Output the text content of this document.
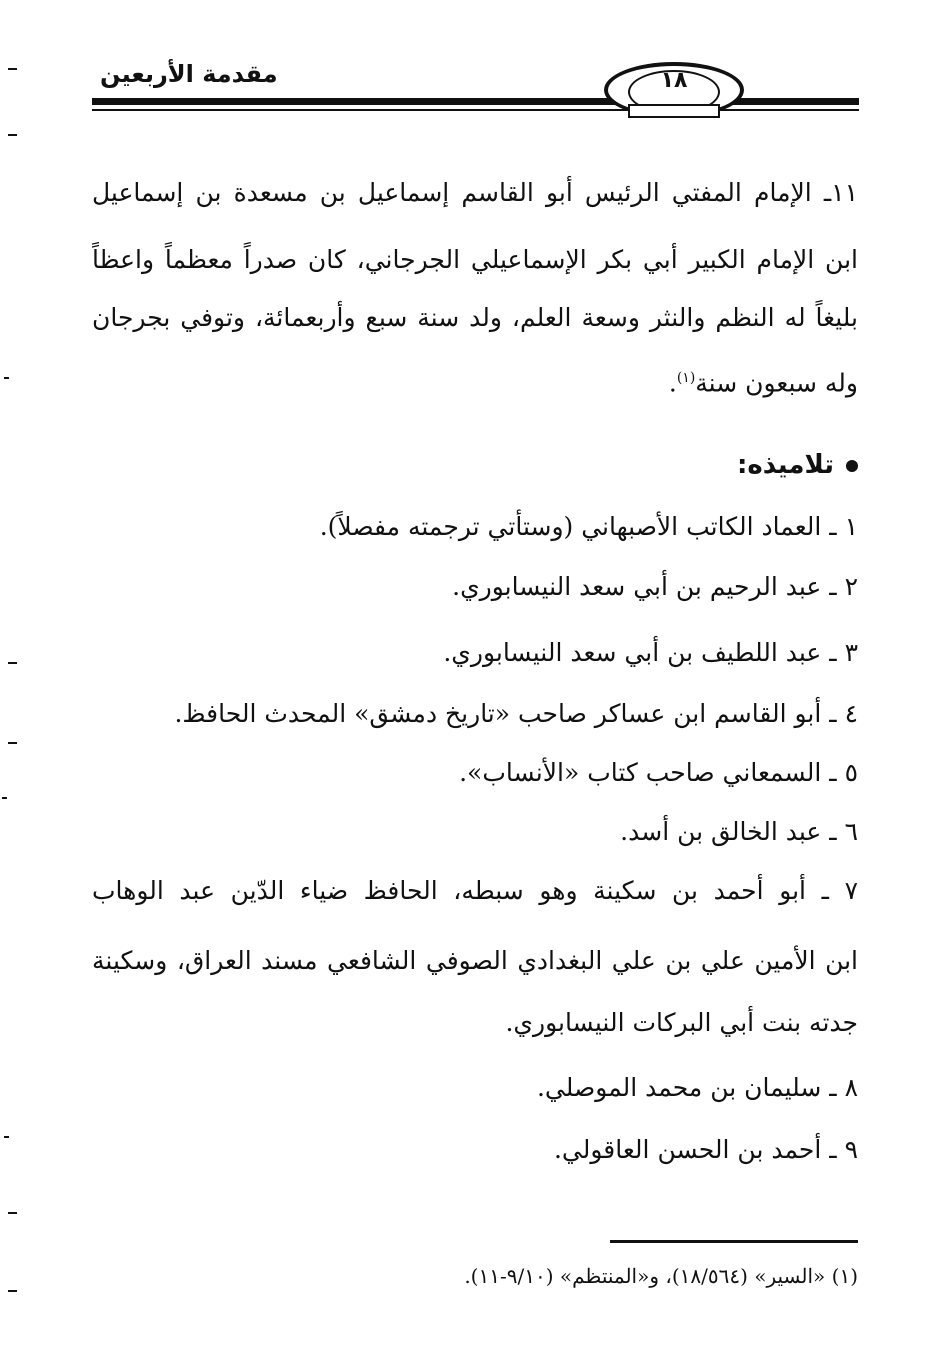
مقدمة الأربعين	١٨
١١ـ الإمام المفتي الرئيس أبو القاسم إسماعيل بن مسعدة بن إسماعيل
ابن الإمام الكبير أبي بكر الإسماعيلي الجرجاني، كان صدراً معظماً واعظاً
بليغاً له النظم والنثر وسعة العلم، ولد سنة سبع وأربعمائة، وتوفي بجرجان
وله سبعون سنة$^{(١)}$.
تلاميذه:
١ ـ العماد الكاتب الأصبهاني (وستأتي ترجمته مفصلاً).
٢ ـ عبد الرحيم بن أبي سعد النيسابوري.
٣ ـ عبد اللطيف بن أبي سعد النيسابوري.
٤ ـ أبو القاسم ابن عساكر صاحب «تاريخ دمشق» المحدث الحافظ.
٥ ـ السمعاني صاحب كتاب «الأنساب».
٦ ـ عبد الخالق بن أسد.
٧ ـ أبو أحمد بن سكينة وهو سبطه، الحافظ ضياء الدّين عبد الوهاب
ابن الأمين علي بن علي البغدادي الصوفي الشافعي مسند العراق، وسكينة
جدته بنت أبي البركات النيسابوري.
٨ ـ سليمان بن محمد الموصلي.
٩ ـ أحمد بن الحسن العاقولي.
(١) «السير» (١٨/٥٦٤)، و«المنتظم» (٩/١٠-١١).
